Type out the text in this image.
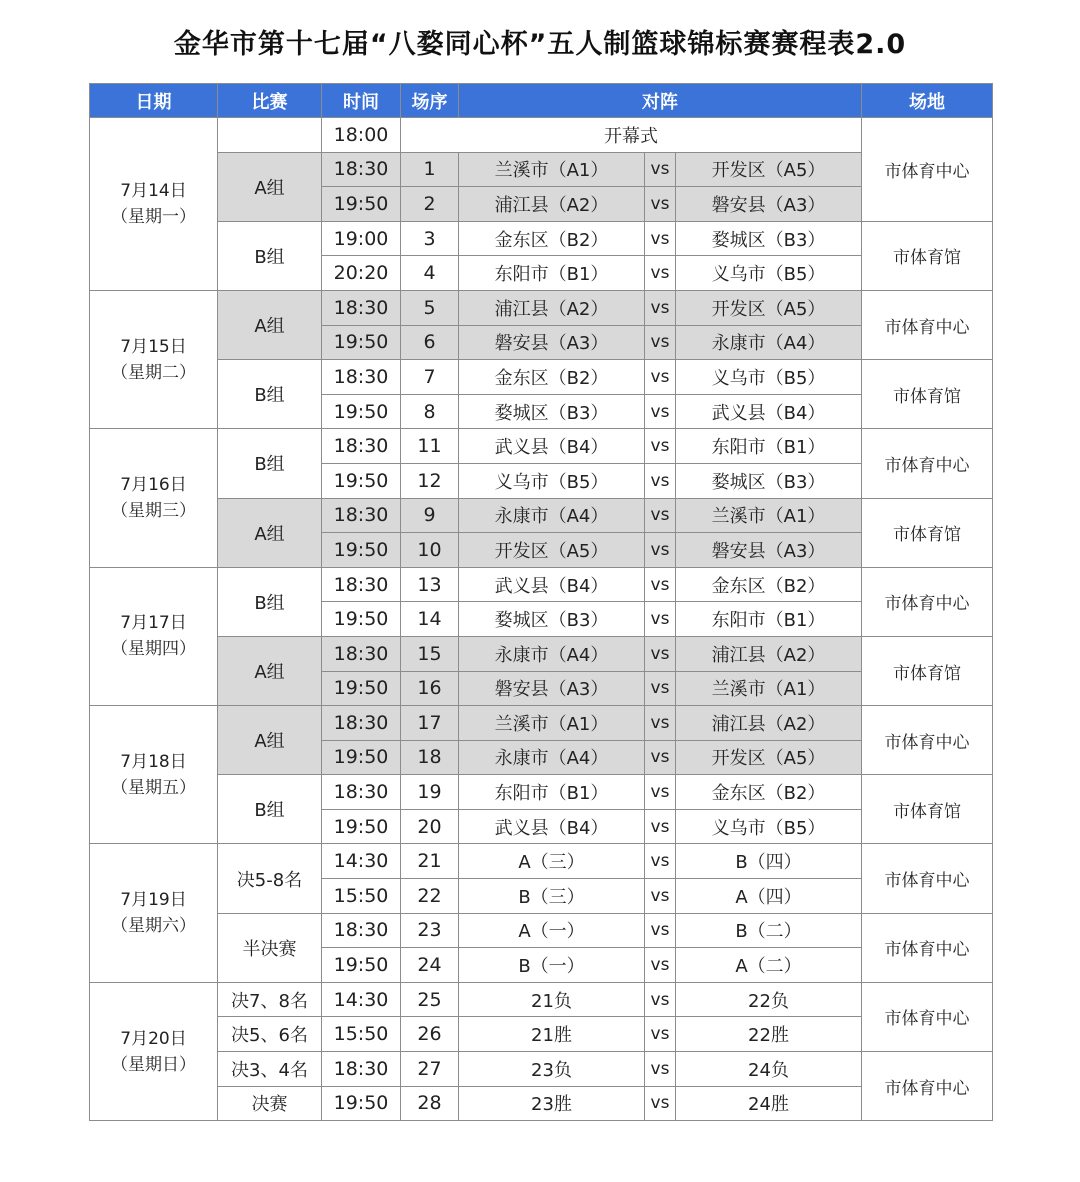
金华市第十七届“八婺同心杯”五人制篮球锦标赛赛程表2.0
日期	比赛	时间	场序	对阵			场地
7月14日
（星期一）		18:00	开幕式				市体育中心
	A组	18:30	1	兰溪市（A1）	vs	开发区（A5）	
		19:50	2	浦江县（A2）	vs	磐安县（A3）	
	B组	19:00	3	金东区（B2）	vs	婺城区（B3）	市体育馆
		20:20	4	东阳市（B1）	vs	义乌市（B5）	
7月15日
（星期二）	A组	18:30	5	浦江县（A2）	vs	开发区（A5）	市体育中心
		19:50	6	磐安县（A3）	vs	永康市（A4）	
	B组	18:30	7	金东区（B2）	vs	义乌市（B5）	市体育馆
		19:50	8	婺城区（B3）	vs	武义县（B4）	
7月16日
（星期三）	B组	18:30	11	武义县（B4）	vs	东阳市（B1）	市体育中心
		19:50	12	义乌市（B5）	vs	婺城区（B3）	
	A组	18:30	9	永康市（A4）	vs	兰溪市（A1）	市体育馆
		19:50	10	开发区（A5）	vs	磐安县（A3）	
7月17日
（星期四）	B组	18:30	13	武义县（B4）	vs	金东区（B2）	市体育中心
		19:50	14	婺城区（B3）	vs	东阳市（B1）	
	A组	18:30	15	永康市（A4）	vs	浦江县（A2）	市体育馆
		19:50	16	磐安县（A3）	vs	兰溪市（A1）	
7月18日
（星期五）	A组	18:30	17	兰溪市（A1）	vs	浦江县（A2）	市体育中心
		19:50	18	永康市（A4）	vs	开发区（A5）	
	B组	18:30	19	东阳市（B1）	vs	金东区（B2）	市体育馆
		19:50	20	武义县（B4）	vs	义乌市（B5）	
7月19日
（星期六）	决5-8名	14:30	21	A（三）	vs	B（四）	市体育中心
		15:50	22	B（三）	vs	A（四）	
	半决赛	18:30	23	A（一）	vs	B（二）	市体育中心
		19:50	24	B（一）	vs	A（二）	
7月20日
（星期日）	决7、8名	14:30	25	21负	vs	22负	市体育中心
	决5、6名	15:50	26	21胜	vs	22胜	
	决3、4名	18:30	27	23负	vs	24负	市体育中心
	决赛	19:50	28	23胜	vs	24胜	
